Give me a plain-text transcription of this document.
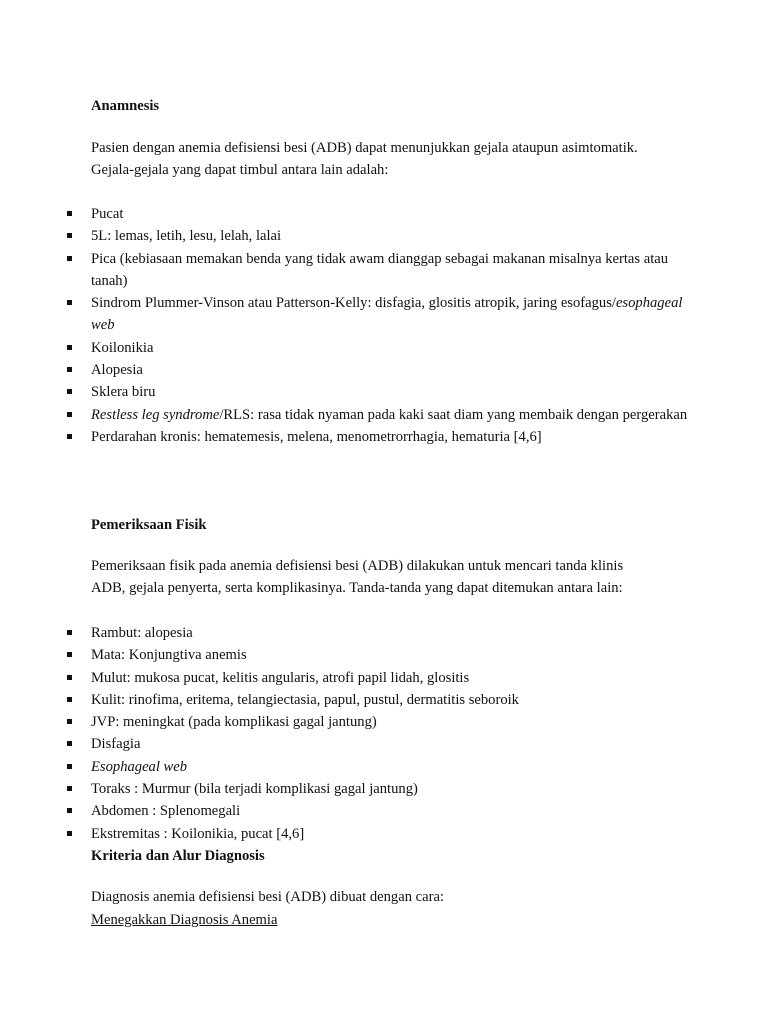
Anamnesis

Pasien dengan anemia defisiensi besi (ADB) dapat menunjukkan gejala ataupun asimtomatik.
Gejala-gejala yang dapat timbul antara lain adalah:

Pucat
5L: lemas, letih, lesu, lelah, lalai
Pica (kebiasaan memakan benda yang tidak awam dianggap sebagai makanan misalnya kertas atau tanah)
Sindrom Plummer-Vinson atau Patterson-Kelly: disfagia, glositis atropik, jaring esofagus/esophageal web
Koilonikia
Alopesia
Sklera biru
Restless leg syndrome/RLS: rasa tidak nyaman pada kaki saat diam yang membaik dengan pergerakan
Perdarahan kronis: hematemesis, melena, menometrorrhagia, hematuria [4,6]

Pemeriksaan Fisik

Pemeriksaan fisik pada anemia defisiensi besi (ADB) dilakukan untuk mencari tanda klinis
ADB, gejala penyerta, serta komplikasinya. Tanda-tanda yang dapat ditemukan antara lain:

Rambut: alopesia
Mata: Konjungtiva anemis
Mulut: mukosa pucat, kelitis angularis, atrofi papil lidah, glositis
Kulit: rinofima, eritema, telangiectasia, papul, pustul, dermatitis seboroik
JVP: meningkat (pada komplikasi gagal jantung)
Disfagia
Esophageal web
Toraks : Murmur (bila terjadi komplikasi gagal jantung)
Abdomen : Splenomegali
Ekstremitas : Koilonikia, pucat [4,6]

Kriteria dan Alur Diagnosis

Diagnosis anemia defisiensi besi (ADB) dibuat dengan cara:

Menegakkan Diagnosis Anemia
